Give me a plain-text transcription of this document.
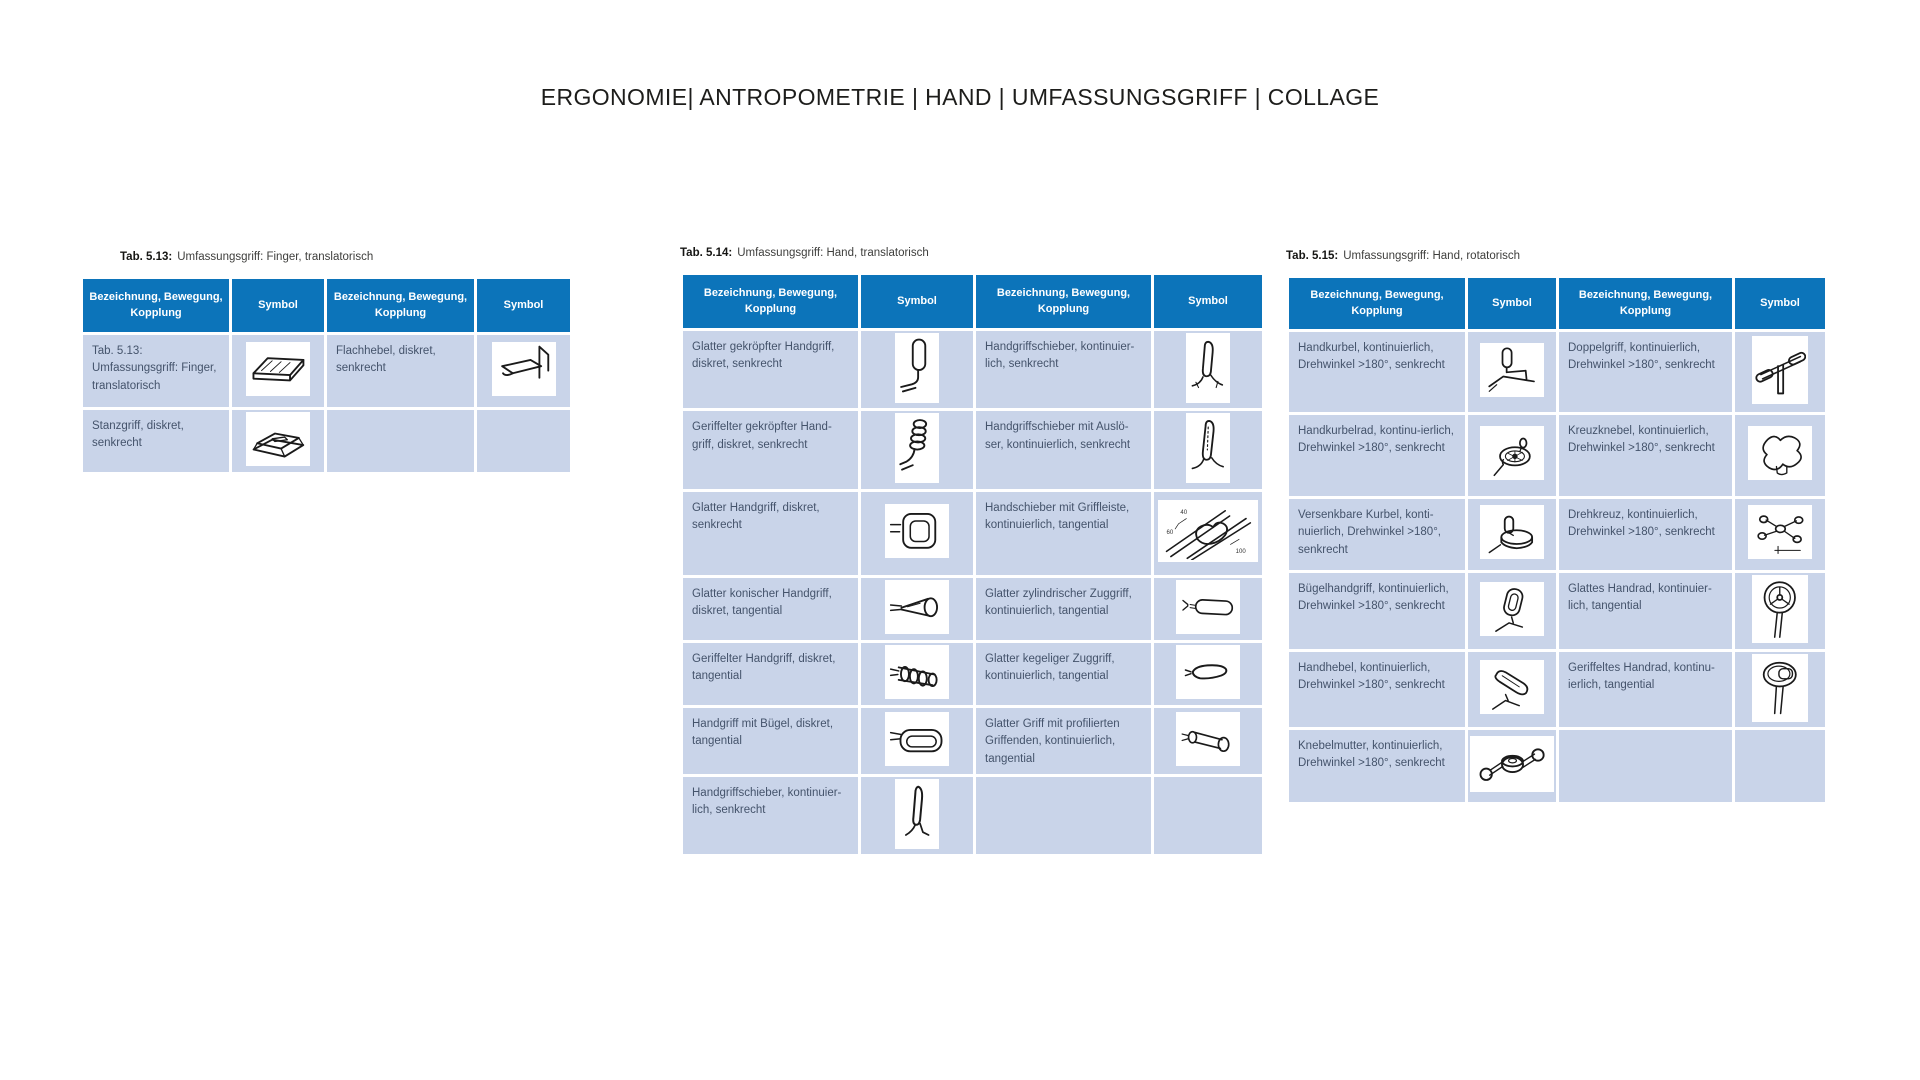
ERGONOMIE| ANTROPOMETRIE | HAND | UMFASSUNGSGRIFF | COLLAGE
Tab. 5.13: Umfassungsgriff: Finger, translatorisch
Bezeichnung, Bewegung, Kopplung	Symbol	Bezeichnung, Bewegung, Kopplung	Symbol
Tab. 5.13: Umfassungsgriff: Finger, translatorisch		Flachhebel, diskret, senkrecht	

Stanzgriff, diskret, senkrecht	

Tab. 5.14: Umfassungsgriff: Hand, translatorisch
Bezeichnung, Bewegung, Kopplung	Symbol	Bezeichnung, Bewegung, Kopplung	Symbol
Glatter gekröpfter Handgriff, diskret, senkrecht		Handgriffschieber, kontinuier-lich, senkrecht	

Geriffelter gekröpfter Hand-griff, diskret, senkrecht		Handgriffschieber mit Auslö-ser, kontinuierlich, senkrecht	

Glatter Handgriff, diskret, senkrecht		Handschieber mit Griffleiste, kontinuierlich, tangential	40
60
100

Glatter konischer Handgriff, diskret, tangential		Glatter zylindrischer Zuggriff, kontinuierlich, tangential	

Geriffelter Handgriff, diskret, tangential		Glatter kegeliger Zuggriff, kontinuierlich, tangential	

Handgriff mit Bügel, diskret, tangential		Glatter Griff mit profilierten Griffenden, kontinuierlich, tangential	

Handgriffschieber, kontinuier-lich, senkrecht	

Tab. 5.15: Umfassungsgriff: Hand, rotatorisch
Bezeichnung, Bewegung, Kopplung	Symbol	Bezeichnung, Bewegung, Kopplung	Symbol
Handkurbel, kontinuierlich, Drehwinkel >180°, senkrecht		Doppelgriff, kontinuierlich, Drehwinkel >180°, senkrecht	

Handkurbelrad, kontinu-ierlich, Drehwinkel >180°, senkrecht		Kreuzknebel, kontinuierlich, Drehwinkel >180°, senkrecht	

Versenkbare Kurbel, konti-nuierlich, Drehwinkel >180°, senkrecht		Drehkreuz, kontinuierlich, Drehwinkel >180°, senkrecht	

Bügelhandgriff, kontinuierlich, Drehwinkel >180°, senkrecht		Glattes Handrad, kontinuier-lich, tangential	

Handhebel, kontinuierlich, Drehwinkel >180°, senkrecht		Geriffeltes Handrad, kontinu-ierlich, tangential	

Knebelmutter, kontinuierlich, Drehwinkel >180°, senkrecht	
